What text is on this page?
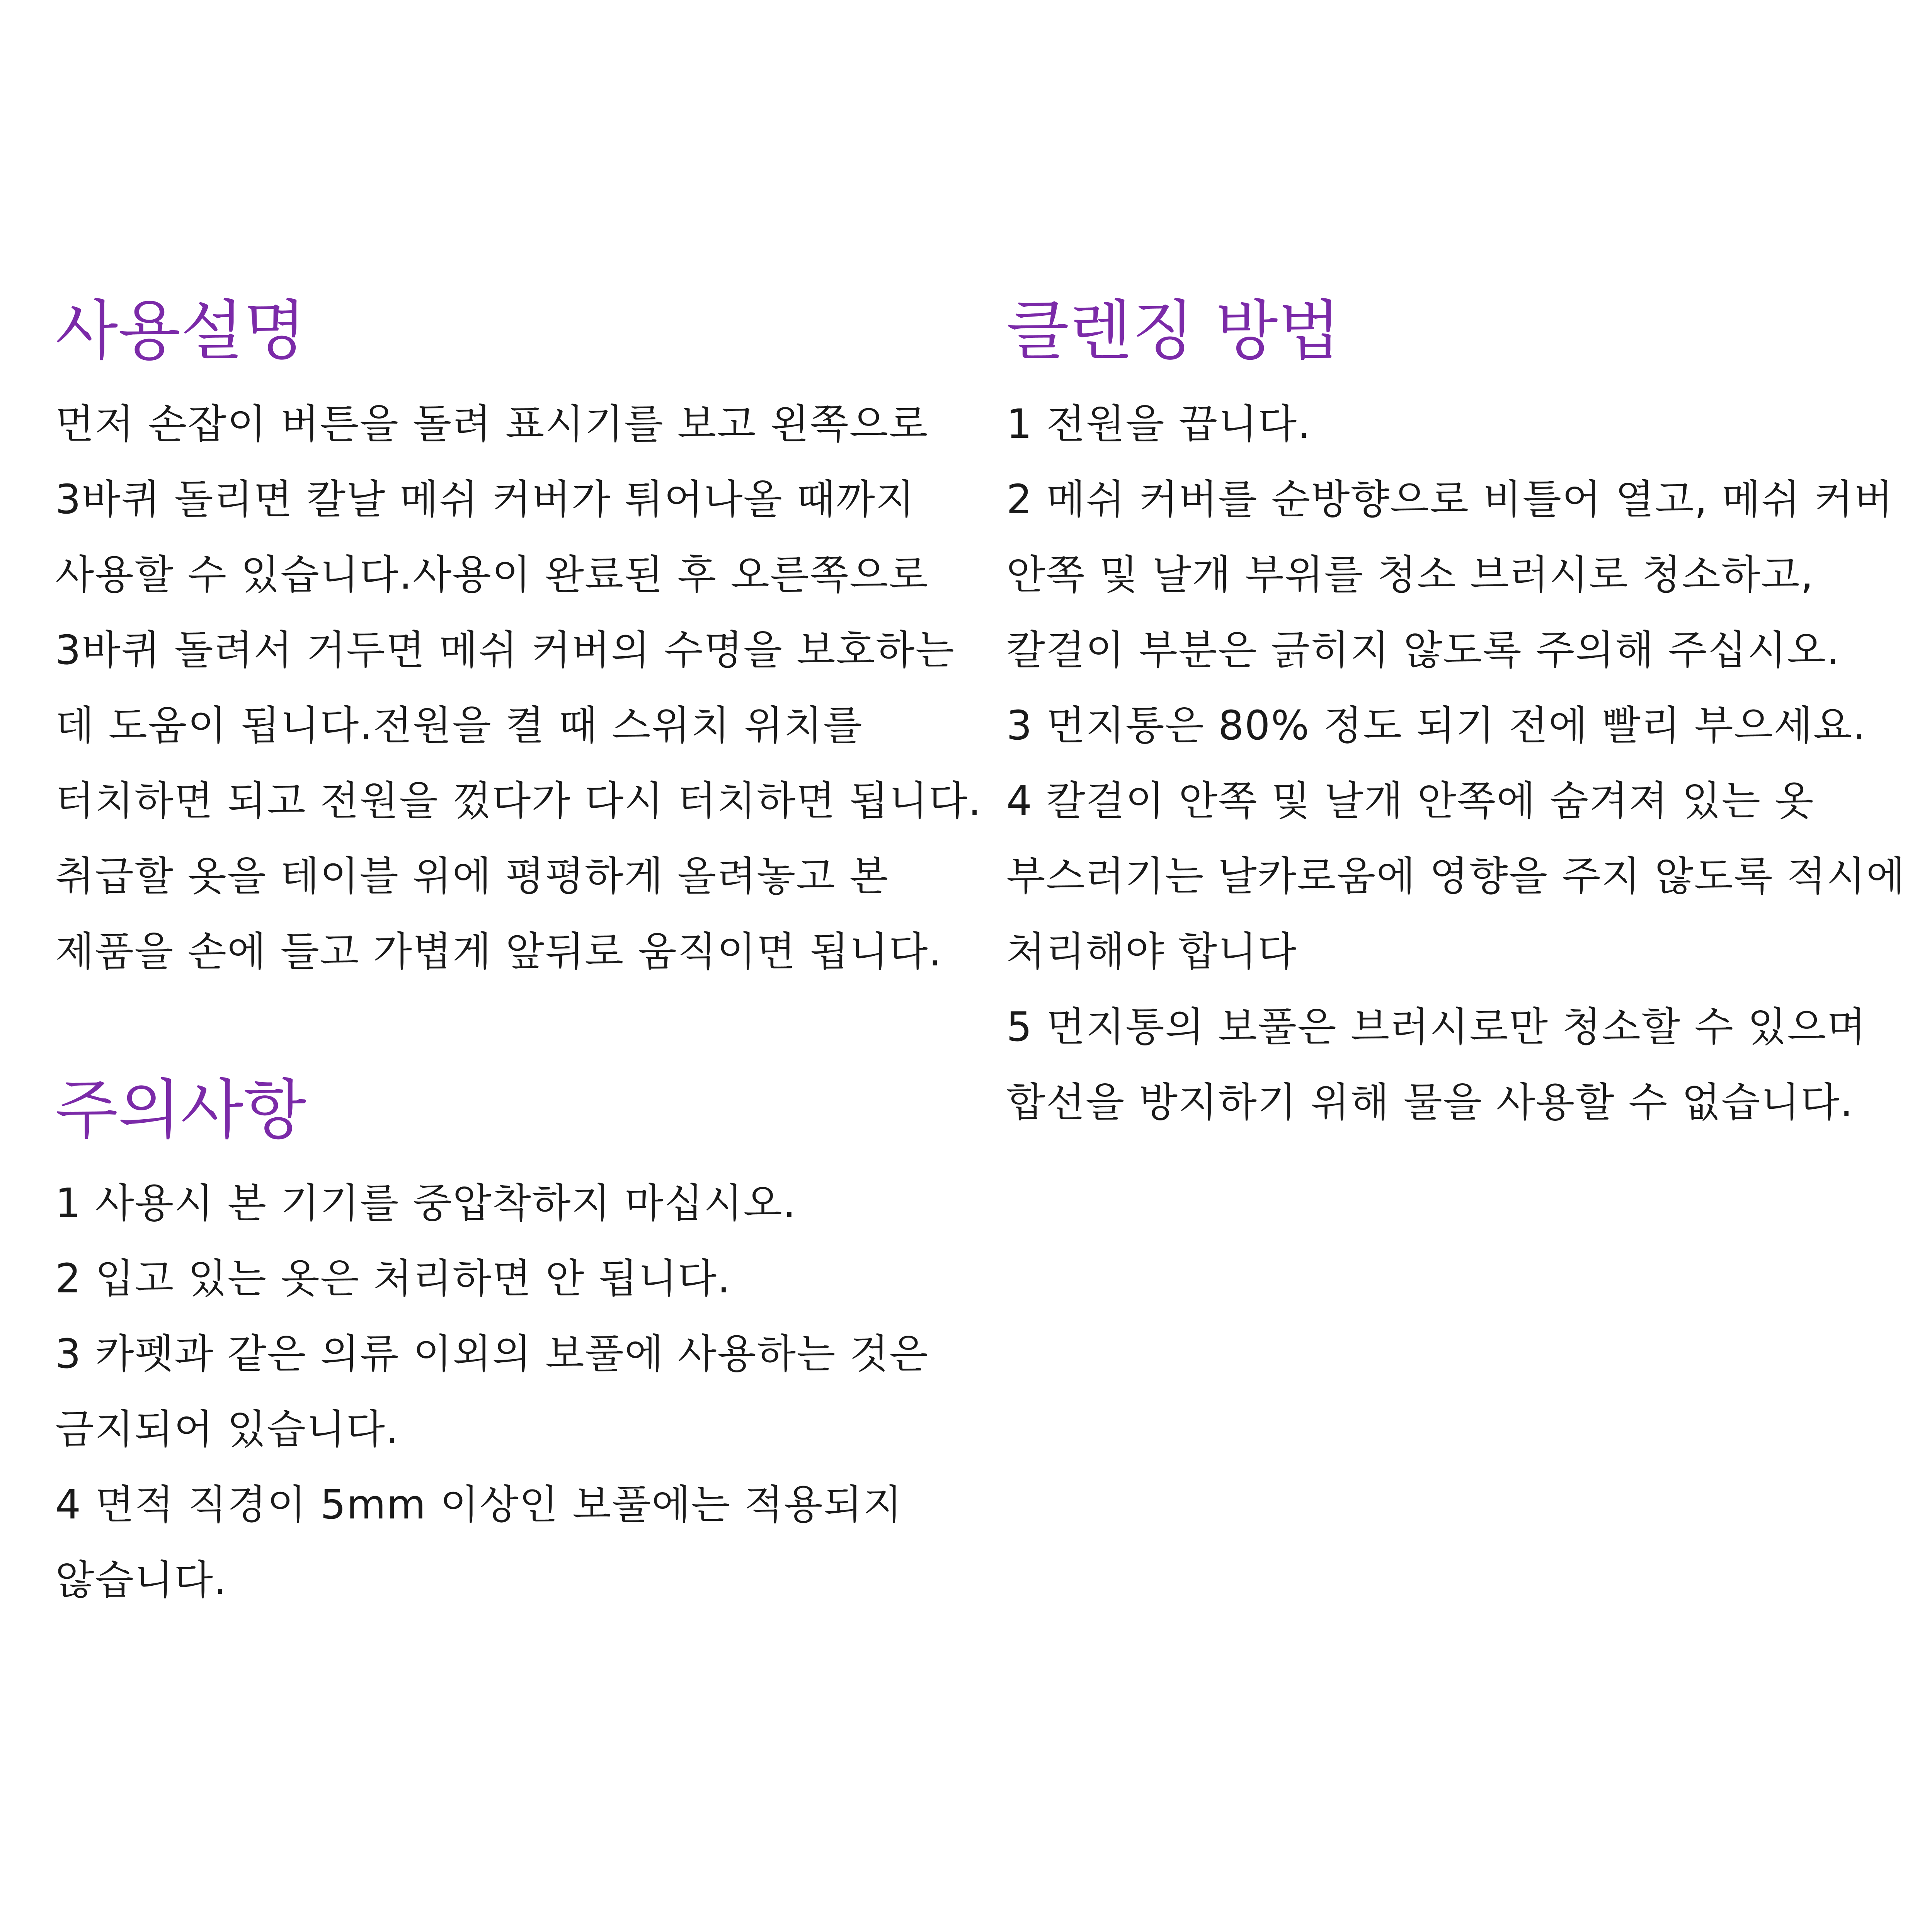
사용설명
먼저 손잡이 버튼을 돌려 표시기를 보고 왼쪽으로
3바퀴 돌리면 칼날 메쉬 커버가 튀어나올 때까지
사용할 수 있습니다.사용이 완료된 후 오른쪽으로
3바퀴 돌려서 거두면 메쉬 커버의 수명을 보호하는
데 도움이 됩니다.전원을 켤 때 스위치 위치를
터치하면 되고 전원을 껐다가 다시 터치하면 됩니다.
취급할 옷을 테이블 위에 평평하게 올려놓고 본
제품을 손에 들고 가볍게 앞뒤로 움직이면 됩니다.
주의사항
1 사용시 본 기기를 중압착하지 마십시오.
2 입고 있는 옷은 처리하면 안 됩니다.
3 카펫과 같은 의류 이외의 보풀에 사용하는 것은
금지되어 있습니다.
4 면적 직경이 5mm 이상인 보풀에는 적용되지
않습니다.
클렌징 방법
1 전원을 끕니다.
2 메쉬 커버를 순방향으로 비틀어 열고, 메쉬 커버
안쪽 및 날개 부위를 청소 브러시로 청소하고,
칼걸이 부분은 긁히지 않도록 주의해 주십시오.
3 먼지통은 80% 정도 되기 전에 빨리 부으세요.
4 칼걸이 안쪽 및 날개 안쪽에 숨겨져 있는 옷
부스러기는 날카로움에 영향을 주지 않도록 적시에
처리해야 합니다
5 먼지통의 보풀은 브러시로만 청소할 수 있으며
합선을 방지하기 위해 물을 사용할 수 없습니다.
